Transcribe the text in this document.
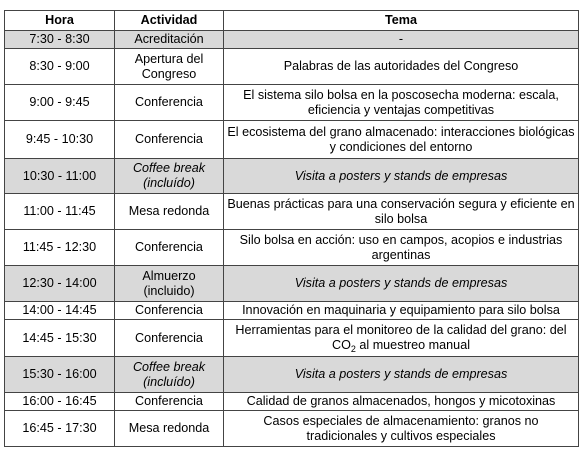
Hora	Actividad	Tema
7:30 - 8:30	Acreditación	-
8:30 - 9:00	Apertura del Congreso	Palabras de las autoridades del Congreso
9:00 - 9:45	Conferencia	El sistema silo bolsa en la poscosecha moderna: escala, eficiencia y ventajas competitivas
9:45 - 10:30	Conferencia	El ecosistema del grano almacenado: interacciones biológicas y condiciones del entorno
10:30 - 11:00	Coffee break (incluído)	Visita a posters y stands de empresas
11:00 - 11:45	Mesa redonda	Buenas prácticas para una conservación segura y eficiente en silo bolsa
11:45 - 12:30	Conferencia	Silo bolsa en acción: uso en campos, acopios e industrias argentinas
12:30 - 14:00	Almuerzo (incluido)	Visita a posters y stands de empresas
14:00 - 14:45	Conferencia	Innovación en maquinaria y equipamiento para silo bolsa
14:45 - 15:30	Conferencia	Herramientas para el monitoreo de la calidad del grano: del $CO_2$ al muestreo manual
15:30 - 16:00	Coffee break (incluído)	Visita a posters y stands de empresas
16:00 - 16:45	Conferencia	Calidad de granos almacenados, hongos y micotoxinas
16:45 - 17:30	Mesa redonda	Casos especiales de almacenamiento: granos no tradicionales y cultivos especiales
